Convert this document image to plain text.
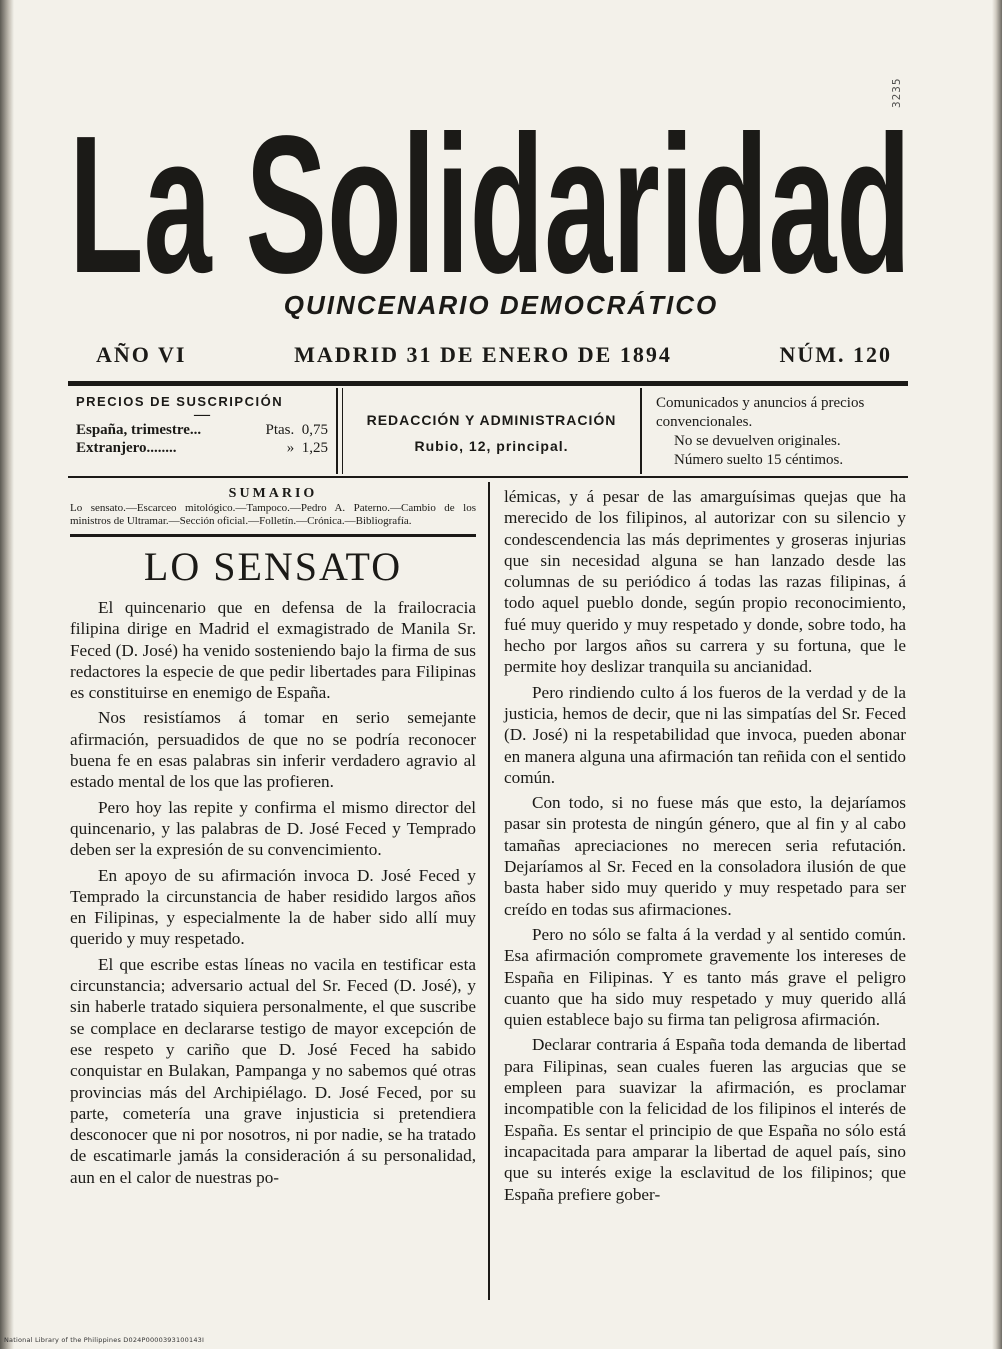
3235
La Solidaridad
QUINCENARIO DEMOCRÁTICO
AÑO VI	MADRID 31 DE ENERO DE 1894	NÚM. 120
PRECIOS DE SUSCRIPCIÓN
—
España, trimestre...	Ptas. 0,75
Extranjero........	» 1,25
REDACCIÓN Y ADMINISTRACIÓN
Rubio, 12, principal.
Comunicados y anuncios á precios convencionales.
No se devuelven originales.
Número suelto 15 céntimos.
SUMARIO
Lo sensato.—Escarceo mitológico.—Tampoco.—Pedro A. Paterno.—Cambio de los ministros de Ultramar.—Sección oficial.—Folletín.—Crónica.—Bibliografía.
LO SENSATO

El quincenario que en defensa de la frailocracia filipina dirige en Madrid el exmagistrado de Manila Sr. Feced (D. José) ha venido sosteniendo bajo la firma de sus redactores la especie de que pedir libertades para Filipinas es constituirse en enemigo de España.

Nos resistíamos á tomar en serio semejante afirmación, persuadidos de que no se podría reconocer buena fe en esas palabras sin inferir verdadero agravio al estado mental de los que las profieren.

Pero hoy las repite y confirma el mismo director del quincenario, y las palabras de D. José Feced y Temprado deben ser la expresión de su convencimiento.

En apoyo de su afirmación invoca D. José Feced y Temprado la circunstancia de haber residido largos años en Filipinas, y especialmente la de haber sido allí muy querido y muy respetado.

El que escribe estas líneas no vacila en testificar esta circunstancia; adversario actual del Sr. Feced (D. José), y sin haberle tratado siquiera personalmente, el que suscribe se complace en declararse testigo de mayor excepción de ese respeto y cariño que D. José Feced ha sabido conquistar en Bulakan, Pampanga y no sabemos qué otras provincias más del Archipiélago. D. José Feced, por su parte, cometería una grave injusticia si pretendiera desconocer que ni por nosotros, ni por nadie, se ha tratado de escatimarle jamás la consideración á su personalidad, aun en el calor de nuestras po-

lémicas, y á pesar de las amarguísimas quejas que ha merecido de los filipinos, al autorizar con su silencio y condescendencia las más deprimentes y groseras injurias que sin necesidad alguna se han lanzado desde las columnas de su periódico á todas las razas filipinas, á todo aquel pueblo donde, según propio reconocimiento, fué muy querido y muy respetado y donde, sobre todo, ha hecho por largos años su carrera y su fortuna, que le permite hoy deslizar tranquila su ancianidad.

Pero rindiendo culto á los fueros de la verdad y de la justicia, hemos de decir, que ni las simpatías del Sr. Feced (D. José) ni la respetabilidad que invoca, pueden abonar en manera alguna una afirmación tan reñida con el sentido común.

Con todo, si no fuese más que esto, la dejaríamos pasar sin protesta de ningún género, que al fin y al cabo tamañas apreciaciones no merecen seria refutación. Dejaríamos al Sr. Feced en la consoladora ilusión de que basta haber sido muy querido y muy respetado para ser creído en todas sus afirmaciones.

Pero no sólo se falta á la verdad y al sentido común. Esa afirmación compromete gravemente los intereses de España en Filipinas. Y es tanto más grave el peligro cuanto que ha sido muy respetado y muy querido allá quien establece bajo su firma tan peligrosa afirmación.

Declarar contraria á España toda demanda de libertad para Filipinas, sean cuales fueren las argucias que se empleen para suavizar la afirmación, es proclamar incompatible con la felicidad de los filipinos el interés de España. Es sentar el principio de que España no sólo está incapacitada para amparar la libertad de aquel país, sino que su interés exige la esclavitud de los filipinos; que España prefiere gober-

National Library of the Philippines D024P0000393100143I
